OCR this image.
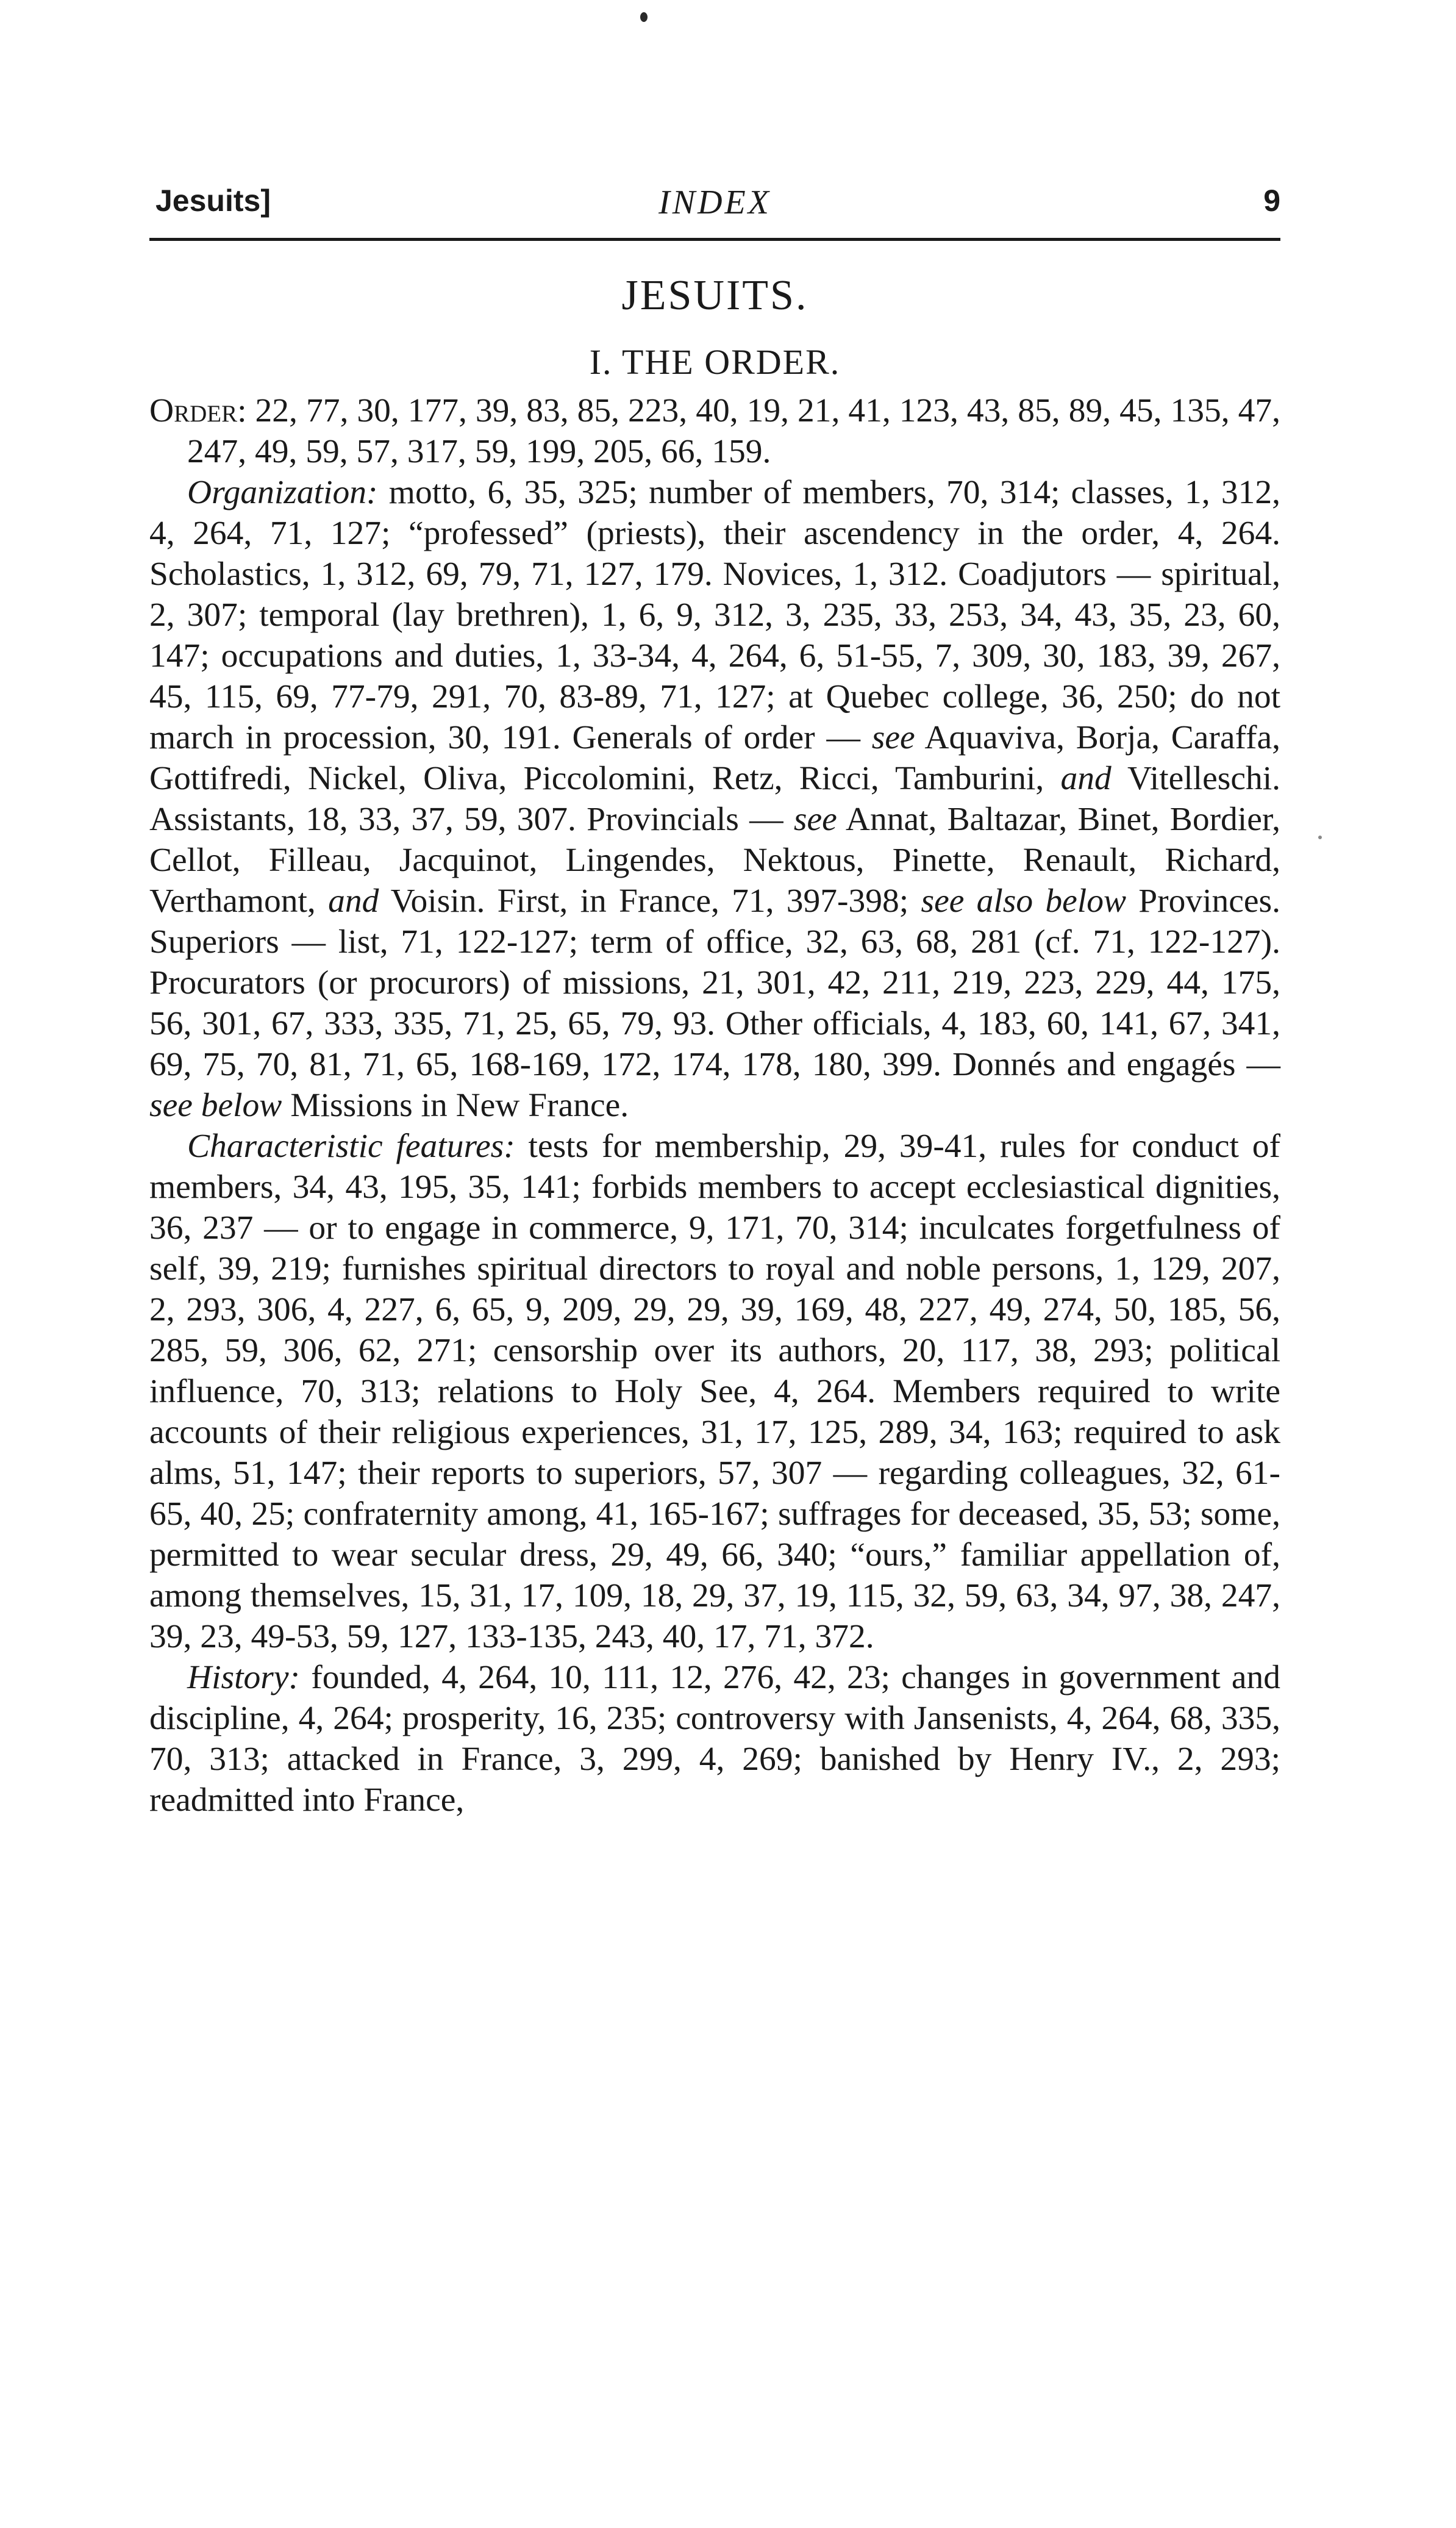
Jesuits]	INDEX	9
JESUITS.
I. THE ORDER.

Order: 22, 77, 30, 177, 39, 83, 85, 223, 40, 19, 21, 41, 123, 43, 85, 89, 45, 135, 47, 247, 49, 59, 57, 317, 59, 199, 205, 66, 159.

Organization: motto, 6, 35, 325; number of members, 70, 314; classes, 1, 312, 4, 264, 71, 127; “professed” (priests), their ascendency in the order, 4, 264. Scholastics, 1, 312, 69, 79, 71, 127, 179. Novices, 1, 312. Coadjutors — spiritual, 2, 307; temporal (lay brethren), 1, 6, 9, 312, 3, 235, 33, 253, 34, 43, 35, 23, 60, 147; occupations and duties, 1, 33-34, 4, 264, 6, 51-55, 7, 309, 30, 183, 39, 267, 45, 115, 69, 77-79, 291, 70, 83-89, 71, 127; at Quebec college, 36, 250; do not march in procession, 30, 191. Generals of order — see Aquaviva, Borja, Caraffa, Gottifredi, Nickel, Oliva, Piccolomini, Retz, Ricci, Tamburini, and Vitelleschi. Assistants, 18, 33, 37, 59, 307. Provincials — see Annat, Baltazar, Binet, Bordier, Cellot, Filleau, Jacquinot, Lingendes, Nektous, Pinette, Renault, Richard, Verthamont, and Voisin. First, in France, 71, 397-398; see also below Provinces. Superiors — list, 71, 122-127; term of office, 32, 63, 68, 281 (cf. 71, 122-127). Procurators (or procurors) of missions, 21, 301, 42, 211, 219, 223, 229, 44, 175, 56, 301, 67, 333, 335, 71, 25, 65, 79, 93. Other officials, 4, 183, 60, 141, 67, 341, 69, 75, 70, 81, 71, 65, 168-169, 172, 174, 178, 180, 399. Donnés and engagés — see below Missions in New France.

Characteristic features: tests for membership, 29, 39-41, rules for conduct of members, 34, 43, 195, 35, 141; forbids members to accept ecclesiastical dignities, 36, 237 — or to engage in commerce, 9, 171, 70, 314; inculcates forgetfulness of self, 39, 219; furnishes spiritual directors to royal and noble persons, 1, 129, 207, 2, 293, 306, 4, 227, 6, 65, 9, 209, 29, 29, 39, 169, 48, 227, 49, 274, 50, 185, 56, 285, 59, 306, 62, 271; censorship over its authors, 20, 117, 38, 293; political influence, 70, 313; relations to Holy See, 4, 264. Members required to write accounts of their religious experiences, 31, 17, 125, 289, 34, 163; required to ask alms, 51, 147; their reports to superiors, 57, 307 — regarding colleagues, 32, 61-65, 40, 25; confraternity among, 41, 165-167; suffrages for deceased, 35, 53; some, permitted to wear secular dress, 29, 49, 66, 340; “ours,” familiar appellation of, among themselves, 15, 31, 17, 109, 18, 29, 37, 19, 115, 32, 59, 63, 34, 97, 38, 247, 39, 23, 49-53, 59, 127, 133-135, 243, 40, 17, 71, 372.

History: founded, 4, 264, 10, 111, 12, 276, 42, 23; changes in government and discipline, 4, 264; prosperity, 16, 235; controversy with Jansenists, 4, 264, 68, 335, 70, 313; attacked in France, 3, 299, 4, 269; banished by Henry IV., 2, 293; readmitted into France,
